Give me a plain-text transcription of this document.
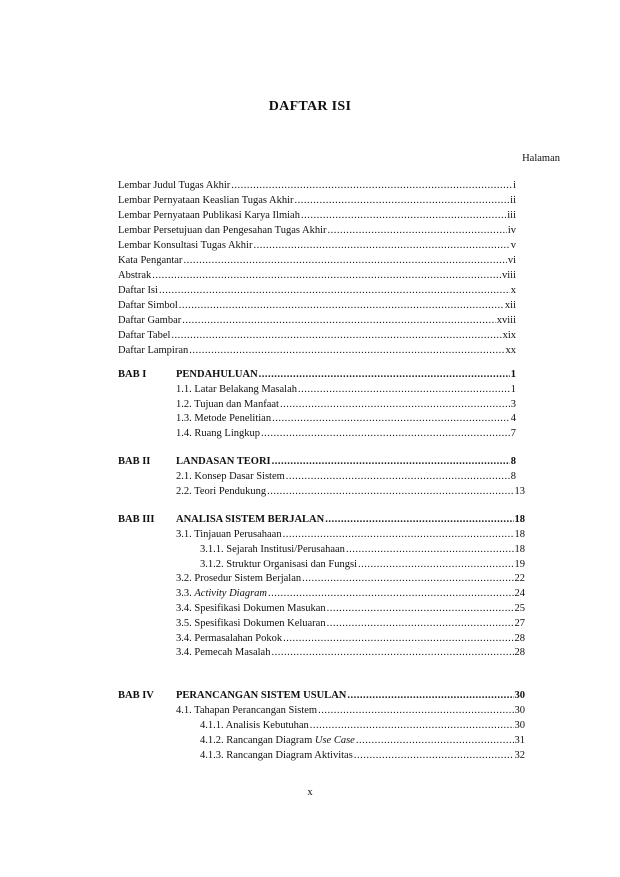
DAFTAR ISI
Halaman
Lembar Judul Tugas Akhir .....	i
Lembar Pernyataan Keaslian Tugas Akhir .....	ii
Lembar Pernyataan Publikasi Karya Ilmiah .....	iii
Lembar Persetujuan dan Pengesahan Tugas Akhir .....	iv
Lembar Konsultasi Tugas Akhir .....	v
Kata Pengantar .....	vi
Abstrak .....	viii
Daftar Isi .....	x
Daftar Simbol .....	xii
Daftar Gambar .....	xviii
Daftar Tabel .....	xix
Daftar Lampiran .....	xx
BAB I	PENDAHULUAN .....	1
1.1. Latar Belakang Masalah .....	1
1.2. Tujuan dan Manfaat .....	3
1.3. Metode Penelitian .....	4
1.4. Ruang Lingkup .....	7
BAB II LANDASAN TEORI .....	8
2.1. Konsep Dasar Sistem .....	8
2.2. Teori Pendukung .....	13
BAB III ANALISA SISTEM BERJALAN .....	18
3.1. Tinjauan Perusahaan .....	18
3.1.1. Sejarah Institusi/Perusahaan .....	18
3.1.2. Struktur Organisasi dan Fungsi .....	19
3.2. Prosedur Sistem Berjalan .....	22
3.3. Activity Diagram .....	24
3.4. Spesifikasi Dokumen Masukan .....	25
3.5. Spesifikasi Dokumen Keluaran .....	27
3.4. Permasalahan Pokok .....	28
3.4. Pemecah Masalah .....	28
BAB IV PERANCANGAN SISTEM USULAN .....	30
4.1. Tahapan Perancangan Sistem .....	30
4.1.1. Analisis Kebutuhan .....	30
4.1.2. Rancangan Diagram Use Case .....	31
4.1.3. Rancangan Diagram Aktivitas .....	32
x
